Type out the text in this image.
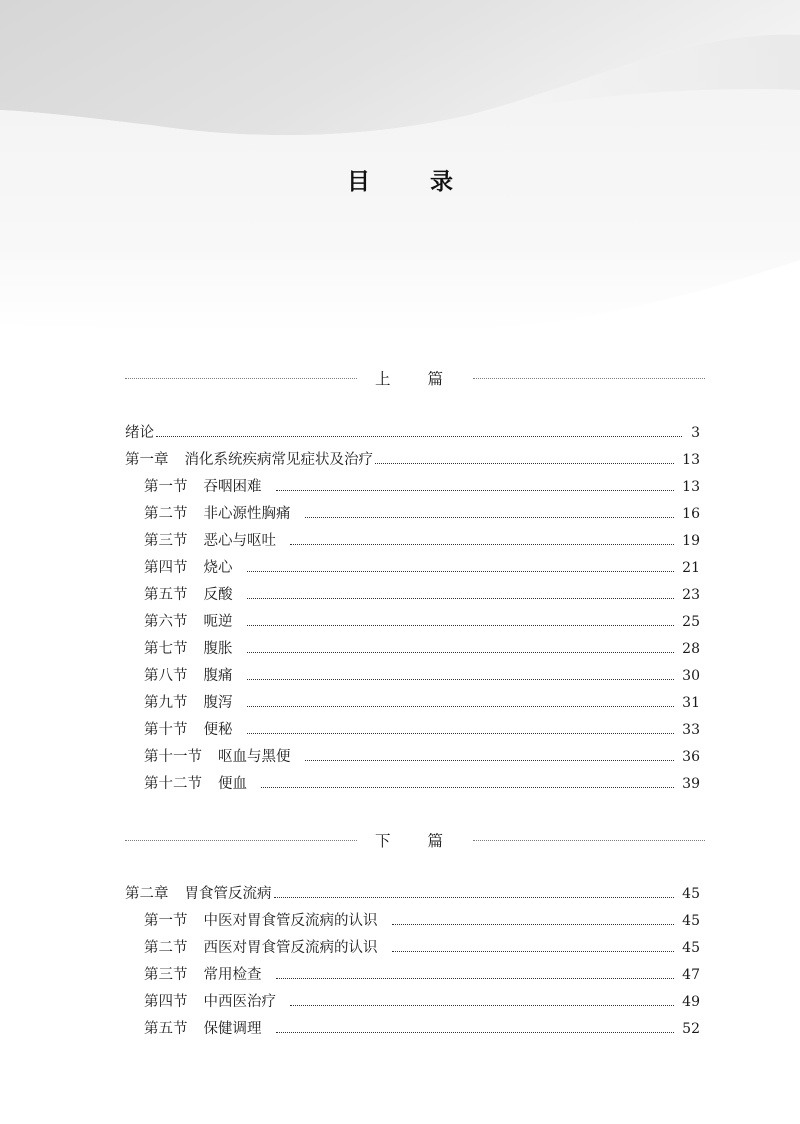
目 录
上 篇
绪论	3
第一章 消化系统疾病常见症状及治疗	13
第一节 吞咽困难	13
第二节 非心源性胸痛	16
第三节 恶心与呕吐	19
第四节 烧心	21
第五节 反酸	23
第六节 呃逆	25
第七节 腹胀	28
第八节 腹痛	30
第九节 腹泻	31
第十节 便秘	33
第十一节 呕血与黑便	36
第十二节 便血	39
下 篇
第二章 胃食管反流病	45
第一节 中医对胃食管反流病的认识	45
第二节 西医对胃食管反流病的认识	45
第三节 常用检查	47
第四节 中西医治疗	49
第五节 保健调理	52
